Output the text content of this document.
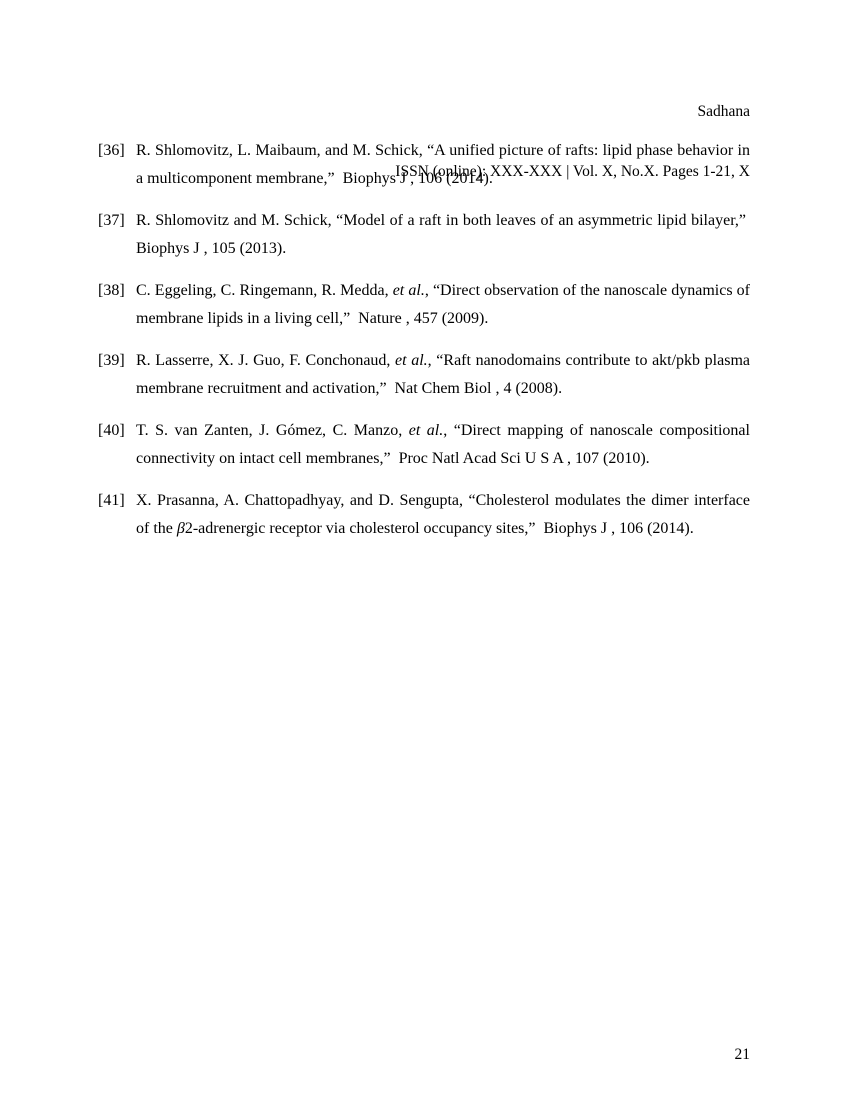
Sadhana

ISSN (online): XXX-XXX | Vol. X, No.X. Pages 1-21, X

[36] R. Shlomovitz, L. Maibaum, and M. Schick, “A unified picture of rafts: lipid phase behavior in a multicomponent membrane,”  Biophys J , 106 (2014).
[37] R. Shlomovitz and M. Schick, “Model of a raft in both leaves of an asymmetric lipid bilayer,”  Biophys J , 105 (2013).
[38] C. Eggeling, C. Ringemann, R. Medda, et al., “Direct observation of the nanoscale dynamics of membrane lipids in a living cell,”  Nature , 457 (2009).
[39] R. Lasserre, X. J. Guo, F. Conchonaud, et al., “Raft nanodomains contribute to akt/pkb plasma membrane recruitment and activation,”  Nat Chem Biol , 4 (2008).
[40] T. S. van Zanten, J. Gómez, C. Manzo, et al., “Direct mapping of nanoscale compositional connectivity on intact cell membranes,”  Proc Natl Acad Sci U S A , 107 (2010).
[41] X. Prasanna, A. Chattopadhyay, and D. Sengupta, “Cholesterol modulates the dimer interface of the β2-adrenergic receptor via cholesterol occupancy sites,”  Biophys J , 106 (2014).
21
